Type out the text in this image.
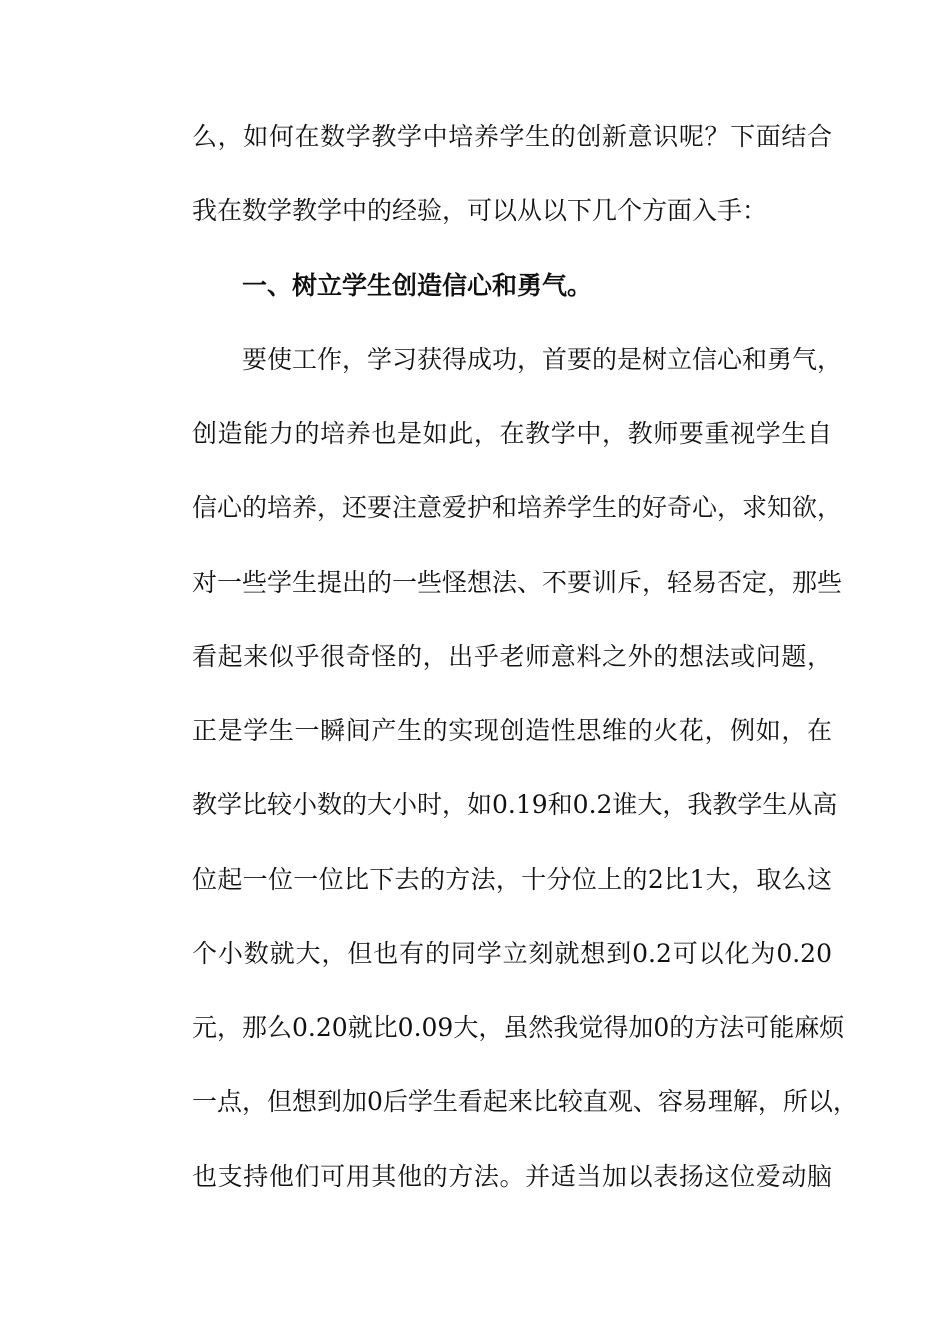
么，如何在数学教学中培养学生的创新意识呢？下面结合
我在数学教学中的经验，可以从以下几个方面入手：
一、树立学生创造信心和勇气。
要使工作，学习获得成功，首要的是树立信心和勇气，
创造能力的培养也是如此，在教学中，教师要重视学生自
信心的培养，还要注意爱护和培养学生的好奇心，求知欲，
对一些学生提出的一些怪想法、不要训斥，轻易否定，那些
看起来似乎很奇怪的，出乎老师意料之外的想法或问题，
正是学生一瞬间产生的实现创造性思维的火花，例如，在
教学比较小数的大小时，如0.19和0.2谁大，我教学生从高
位起一位一位比下去的方法，十分位上的2比1大，取么这
个小数就大，但也有的同学立刻就想到0.2可以化为0.20
元，那么0.20就比0.09大，虽然我觉得加0的方法可能麻烦
一点，但想到加0后学生看起来比较直观、容易理解，所以，
也支持他们可用其他的方法。并适当加以表扬这位爱动脑
